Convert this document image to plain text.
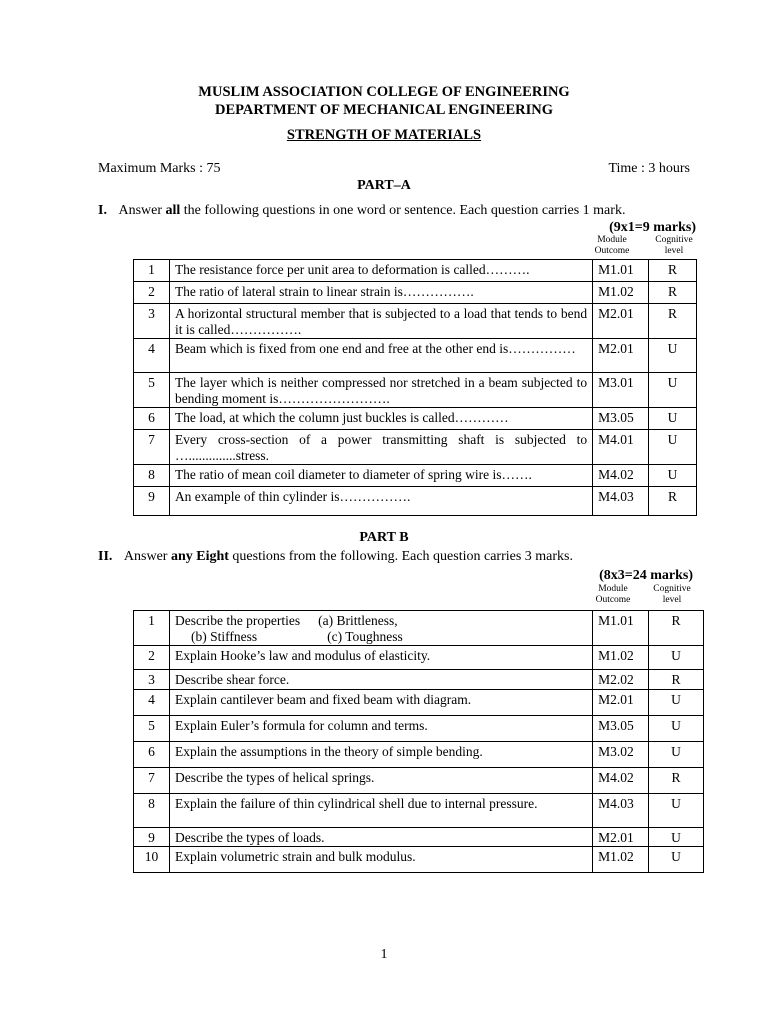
MUSLIM ASSOCIATION COLLEGE OF ENGINEERING
DEPARTMENT OF MECHANICAL ENGINEERING
STRENGTH OF MATERIALS
Maximum Marks : 75	Time : 3 hours
PART–A
I. Answer all the following questions in one word or sentence. Each question carries 1 mark.
(9x1=9 marks)
Module
Outcome
Cognitive
level
1	The resistance force per unit area to deformation is called……….	M1.01	R
2	The ratio of lateral strain to linear strain is…………….	M1.02	R
3	A horizontal structural member that is subjected to a load that tends to bend it is called…………….	M2.01	R
4	Beam which is fixed from one end and free at the other end is……………	M2.01	U
5	The layer which is neither compressed nor stretched in a beam subjected to bending moment is…………………….	M3.01	U
6	The load, at which the column just buckles is called…………	M3.05	U
7	Every cross-section of a power transmitting shaft is subjected to …..............stress.	M4.01	U
8	The ratio of mean coil diameter to diameter of spring wire is…….	M4.02	U
9	An example of thin cylinder is…………….	M4.03	R
PART B
II. Answer any Eight questions from the following. Each question carries 3 marks.
(8x3=24 marks)
Module
Outcome
Cognitive
level
1	Describe the properties (a) Brittleness,
(b) Stiffness (c) Toughness	M1.01	R
2	Explain Hooke’s law and modulus of elasticity.	M1.02	U
3	Describe shear force.	M2.02	R
4	Explain cantilever beam and fixed beam with diagram.	M2.01	U
5	Explain Euler’s formula for column and terms.	M3.05	U
6	Explain the assumptions in the theory of simple bending.	M3.02	U
7	Describe the types of helical springs.	M4.02	R
8	Explain the failure of thin cylindrical shell due to internal pressure.	M4.03	U
9	Describe the types of loads.	M2.01	U
10	Explain volumetric strain and bulk modulus.	M1.02	U
1
